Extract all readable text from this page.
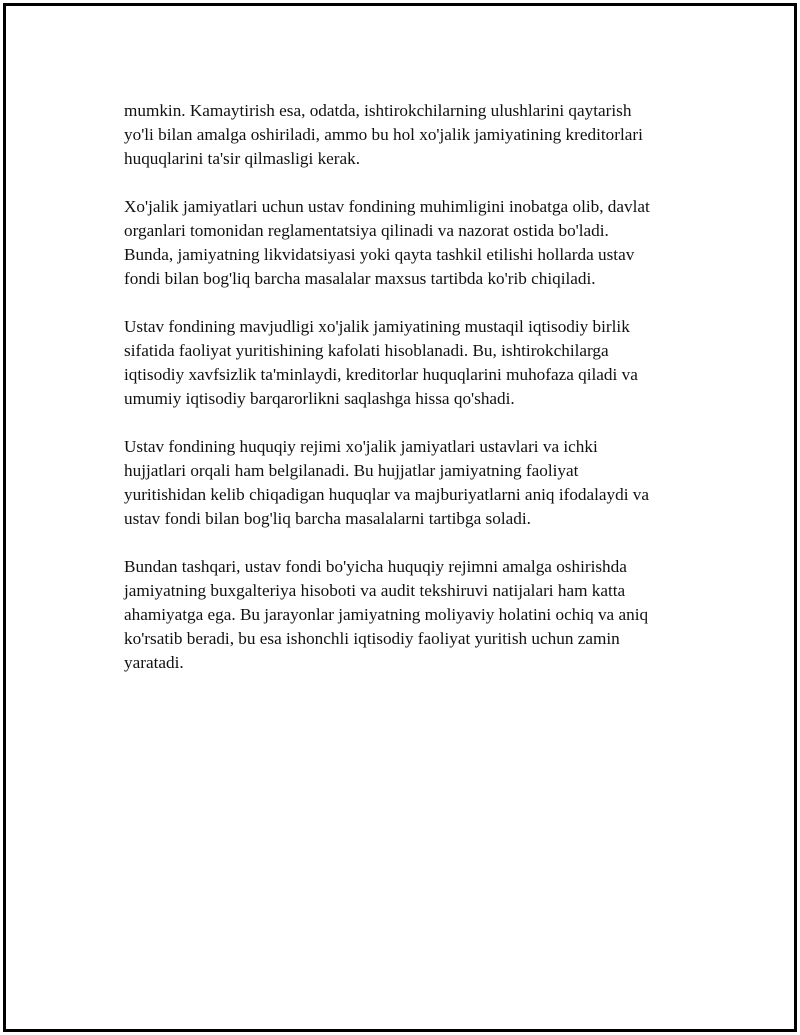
mumkin. Kamaytirish esa, odatda, ishtirokchilarning ulushlarini qaytarish
yo'li bilan amalga oshiriladi, ammo bu hol xo'jalik jamiyatining kreditorlari
huquqlarini ta'sir qilmasligi kerak.

Xo'jalik jamiyatlari uchun ustav fondining muhimligini inobatga olib, davlat
organlari tomonidan reglamentatsiya qilinadi va nazorat ostida bo'ladi.
Bunda, jamiyatning likvidatsiyasi yoki qayta tashkil etilishi hollarda ustav
fondi bilan bog'liq barcha masalalar maxsus tartibda ko'rib chiqiladi.

Ustav fondining mavjudligi xo'jalik jamiyatining mustaqil iqtisodiy birlik
sifatida faoliyat yuritishining kafolati hisoblanadi. Bu, ishtirokchilarga
iqtisodiy xavfsizlik ta'minlaydi, kreditorlar huquqlarini muhofaza qiladi va
umumiy iqtisodiy barqarorlikni saqlashga hissa qo'shadi.

Ustav fondining huquqiy rejimi xo'jalik jamiyatlari ustavlari va ichki
hujjatlari orqali ham belgilanadi. Bu hujjatlar jamiyatning faoliyat
yuritishidan kelib chiqadigan huquqlar va majburiyatlarni aniq ifodalaydi va
ustav fondi bilan bog'liq barcha masalalarni tartibga soladi.

Bundan tashqari, ustav fondi bo'yicha huquqiy rejimni amalga oshirishda
jamiyatning buxgalteriya hisoboti va audit tekshiruvi natijalari ham katta
ahamiyatga ega. Bu jarayonlar jamiyatning moliyaviy holatini ochiq va aniq
ko'rsatib beradi, bu esa ishonchli iqtisodiy faoliyat yuritish uchun zamin
yaratadi.
